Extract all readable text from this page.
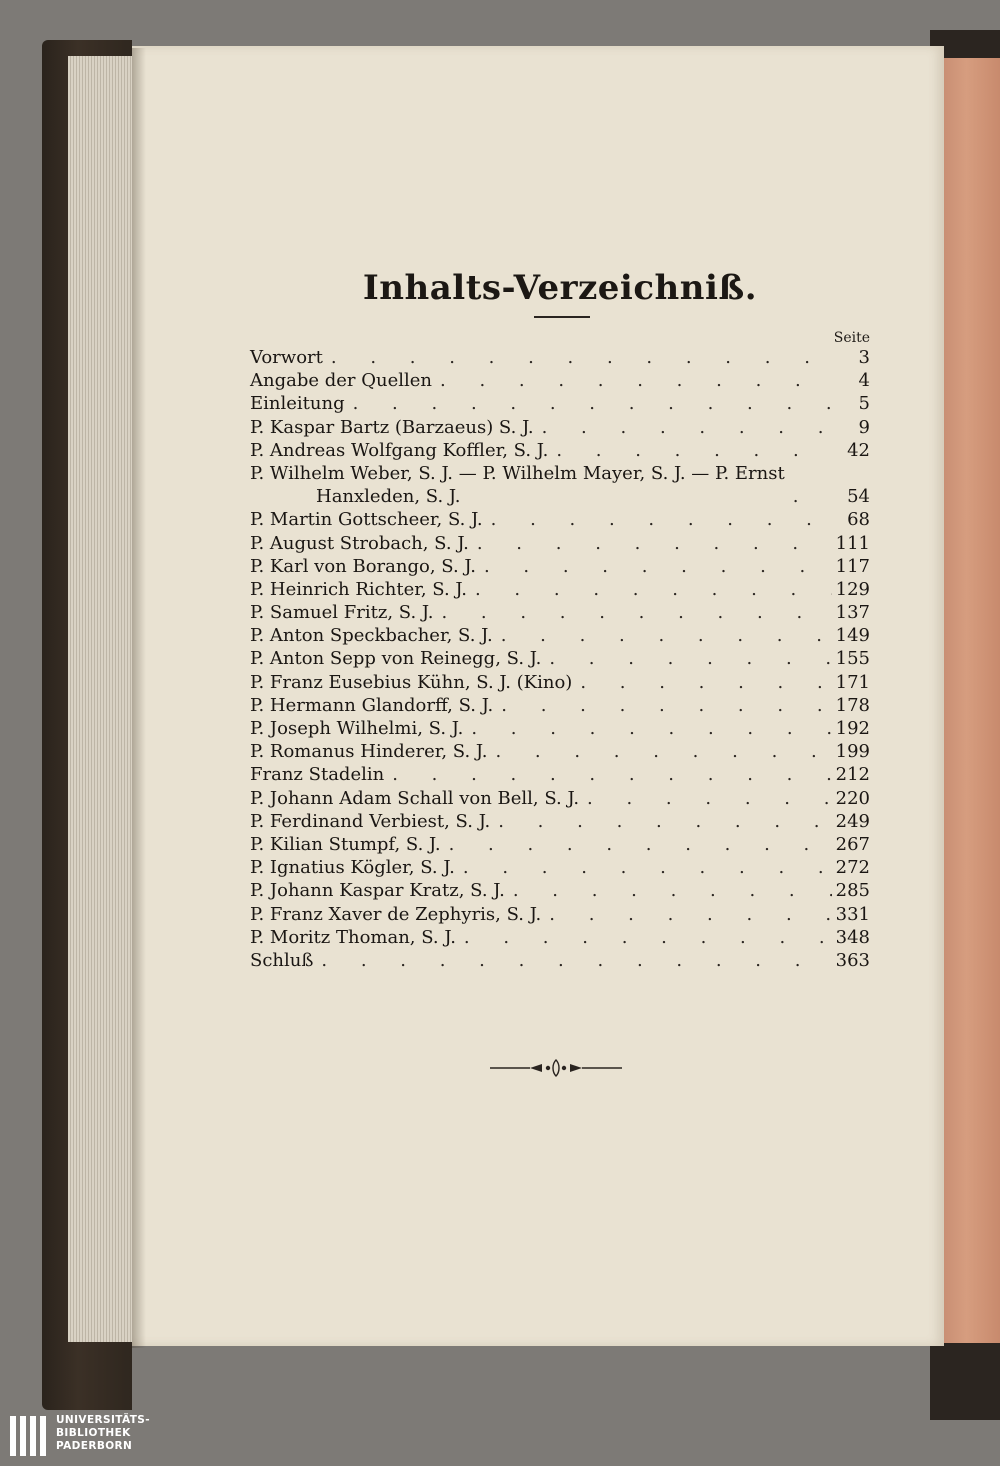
Inhalts-Verzeichniß.
Seite
Vorwort . . .	3
Angabe der Quellen . . .	4
Einleitung . . .	5
P. Kaspar Bartz (Barzaeus) S. J. . . .	9
P. Andreas Wolfgang Koffler, S. J. . . .	42
P. Wilhelm Weber, S. J. — P. Wilhelm Mayer, S. J. — P. Ernst
Hanxleden, S. J. . . .	54
P. Martin Gottscheer, S. J. . . .	68
P. August Strobach, S. J. . . .	111
P. Karl von Borango, S. J. . . .	117
P. Heinrich Richter, S. J. . . .	129
P. Samuel Fritz, S. J. . . .	137
P. Anton Speckbacher, S. J. . . .	149
P. Anton Sepp von Reinegg, S. J. . . .	155
P. Franz Eusebius Kühn, S. J. (Kino) . . .	171
P. Hermann Glandorff, S. J. . . .	178
P. Joseph Wilhelmi, S. J. . . .	192
P. Romanus Hinderer, S. J. . . .	199
Franz Stadelin . . .	212
P. Johann Adam Schall von Bell, S. J. . . .	220
P. Ferdinand Verbiest, S. J. . . .	249
P. Kilian Stumpf, S. J. . . .	267
P. Ignatius Kögler, S. J. . . .	272
P. Johann Kaspar Kratz, S. J. . . .	285
P. Franz Xaver de Zephyris, S. J. . . .	331
P. Moritz Thoman, S. J. . . .	348
Schluß . . .	363
UNIVERSITÄTS-
BIBLIOTHEK
PADERBORN
